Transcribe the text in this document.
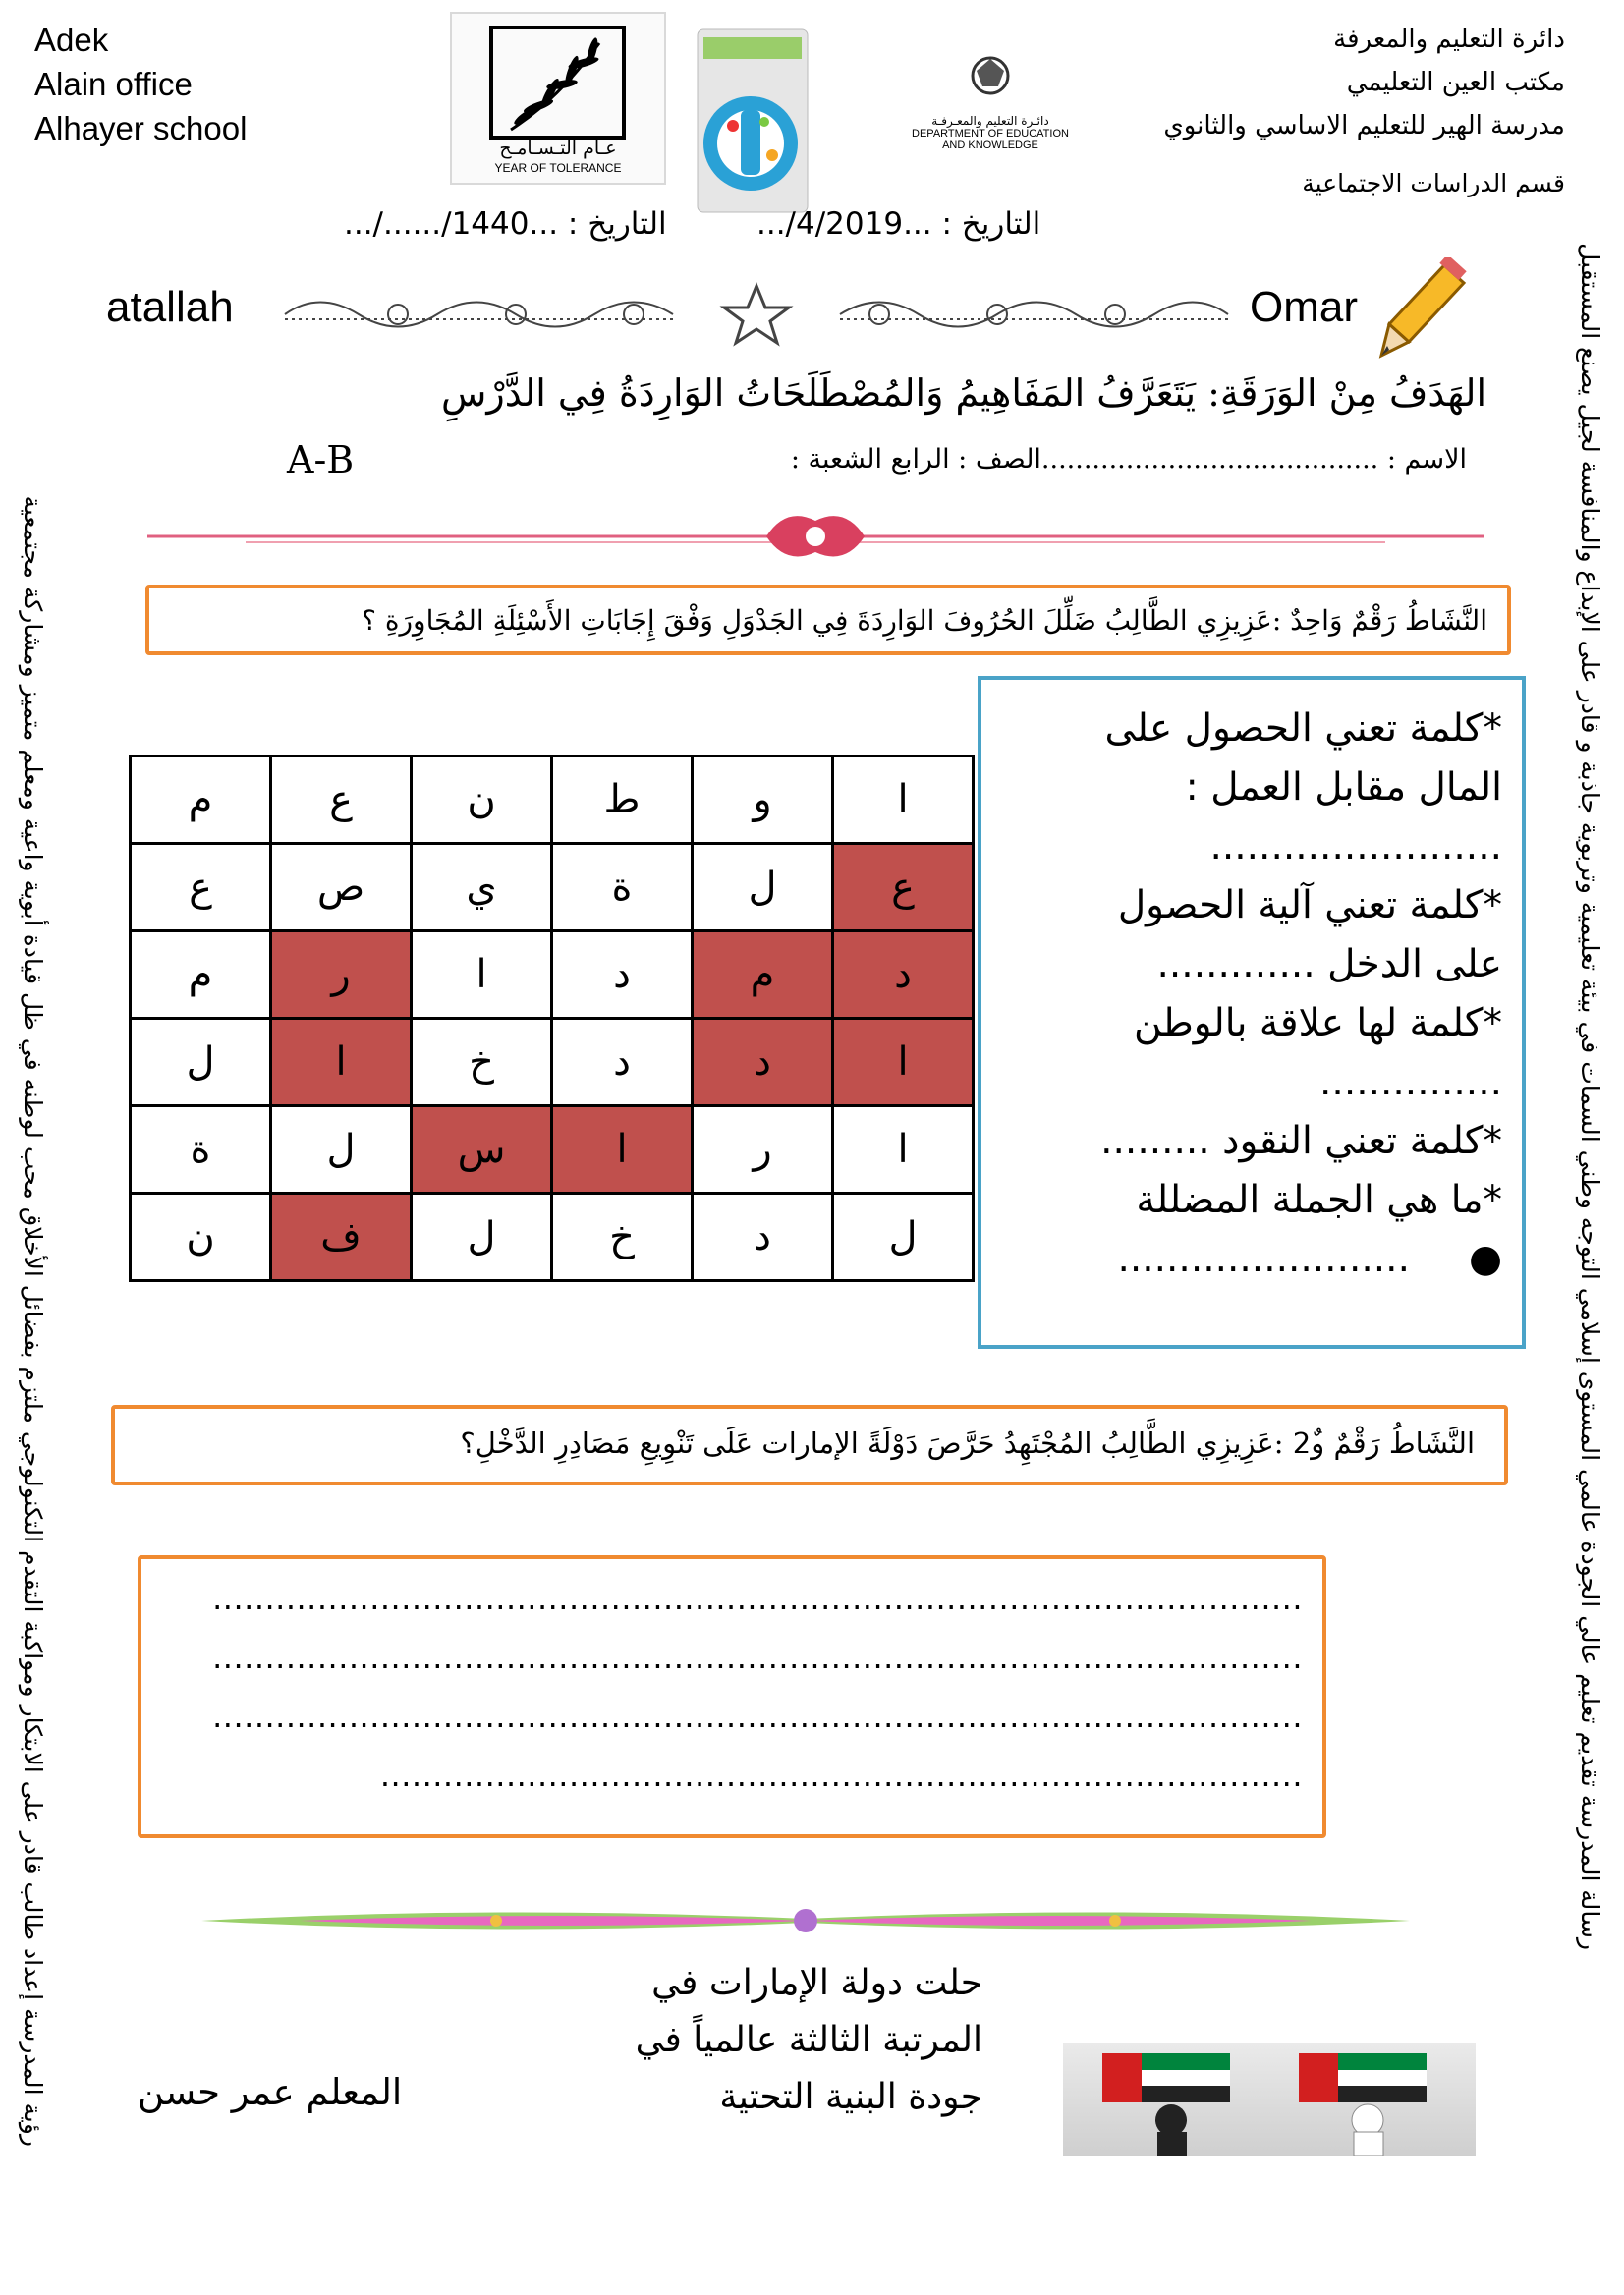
Adek
Alain office
Alhayer school
عـام التـسـامـح
YEAR OF TOLERANCE
دائـرة التعليم والمعـرفـة
DEPARTMENT OF EDUCATION
AND KNOWLEDGE
دائرة التعليم والمعرفة
مكتب العين التعليمي
مدرسة الهير للتعليم الاساسي والثانوي
قسم الدراسات الاجتماعية
التاريخ : ...1440/....../...	التاريخ : ...4/2019/...
رؤية المدرسة إعداد طالب قادر على الابتكار ومواكبة التقدم التكنولوجي ملتزم بفضائل الأخلاق محب لوطنه في ظل قيادة أبوية واعية ومعلم متميز ومشاركة مجتمعية	رسالة المدرسة تقديم تعليم عالي الجودة عالمي المستوى إسلامي التوجه وطني السمات في بيئة تعليمية وتربوية جاذبة و قادر على الإبداع والمنافسة لجيل يصنع المستقبل
atallah	Omar
الهَدَفُ مِنْ الوَرَقَةِ: يَتَعَرَّفُ المَفَاهِيمُ وَالمُصْطَلَحَاتُ الوَارِدَةُ فِي الدَّرْسِ
الاسم : ........................................الصف : الرابع الشعبة :
A-B
النَّشَاطُ رَقْمٌ وَاحِدٌ :عَزِيزِي الطَّالِبُ ضَلِّلَ الحُرُوفَ الوَارِدَةَ فِي الجَدْوَلِ وَفْقَ إِجَابَاتِ الأَسْئِلَةِ المُجَاوِرَةِ ؟
م	ع	ن	ط	و	ا
ع	ص	ي	ة	ل	ع
م	ر	ا	د	م	د
ل	ا	خ	د	د	ا
ة	ل	س	ا	ر	ا
ن	ف	ل	خ	د	ل
*كلمة تعني الحصول على
المال مقابل العمل :
........................
*كلمة تعني آلية الحصول
على الدخل .............
*كلمة لها علاقة بالوطن
...............
*كلمة تعني النقود .........
*ما هي الجملة المضللة
●
........................
النَّشَاطُ رَقْمٌ و2ٌ :عَزِيزِي الطَّالِبُ المُجْتَهِدُ حَرَّصَ دَوْلَةً الإمارات عَلَى تَنْوِيعِ مَصَادِرِ الدَّخْلِ؟
........................................................................................................
........................................................................................................
........................................................................................................
........................................................................................
حلت دولة الإمارات في
المرتبة الثالثة عالمياً في
جودة البنية التحتية
المعلم عمر حسن
